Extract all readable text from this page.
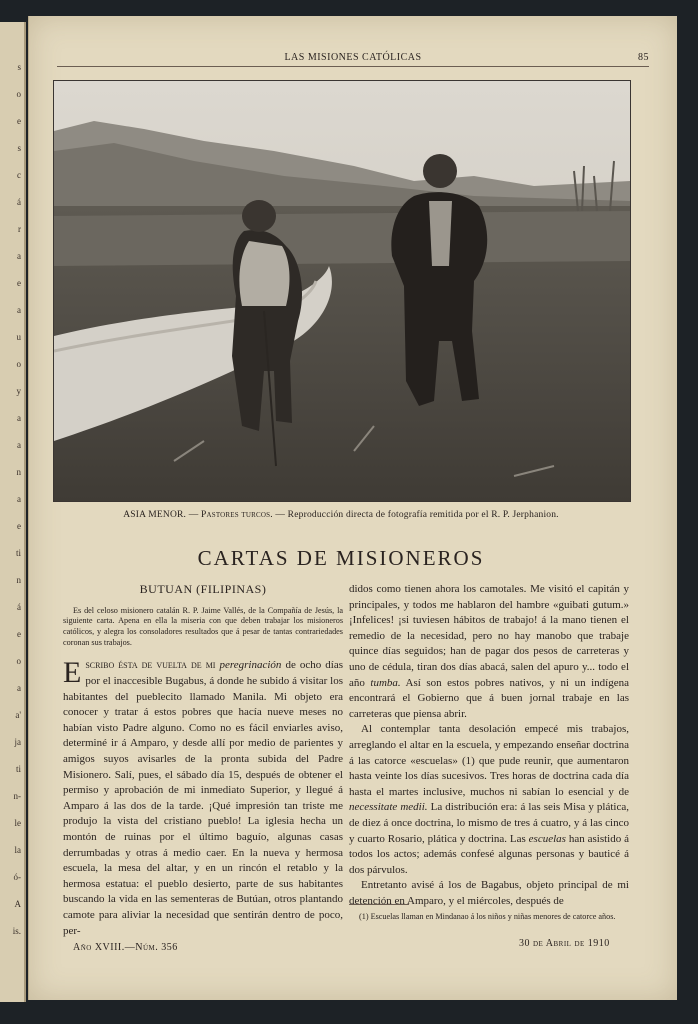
s
o
e
s
c
á
r
a
e
a
u
o
y
a
a
n
a
e
ti
n
á
e
o
a
a'
ja
ti
n-
le
la
ó-
A
is.
LAS MISIONES CATÓLICAS	85
ASIA MENOR. — Pastores turcos. — Reproducción directa de fotografía remitida por el R. P. Jerphanion.
CARTAS DE MISIONEROS
BUTUAN (FILIPINAS)

Es del celoso misionero catalán R. P. Jaime Vallés, de la Compañía de Jesús, la siguiente carta. Apena en ella la miseria con que deben trabajar los misioneros católicos, y alegra los consoladores resultados que á pesar de tantas contrariedades coronan sus trabajos.

Escribo ésta de vuelta de mi peregrinación de ocho días por el inaccesible Bugabus, á donde he subido á visitar los habitantes del pueblecito llamado Manila. Mi objeto era conocer y tratar á estos pobres que hacía nueve meses no habían visto Padre alguno. Como no es fácil enviarles aviso, determiné ir á Amparo, y desde allí por medio de parientes y amigos suyos avisarles de la pronta subida del Padre Misionero. Salí, pues, el sábado día 15, después de obtener el permiso y aprobación de mi inmediato Superior, y llegué á Amparo á las dos de la tarde. ¡Qué impresión tan triste me produjo la vista del cristiano pueblo! La iglesia hecha un montón de ruinas por el último baguío, algunas casas derrumbadas y otras á medio caer. En la nueva y hermosa escuela, la mesa del altar, y en un rincón el retablo y la hermosa estatua: el pueblo desierto, parte de sus habitantes buscando la vida en las sementeras de Butúan, otros plantando camote para aliviar la necesidad que sentirán dentro de poco, per-

didos como tienen ahora los camotales. Me visitó el capitán y principales, y todos me hablaron del hambre «guibati gutum.» ¡Infelices! ¡si tuviesen hábitos de trabajo! á la mano tienen el remedio de la necesidad, pero no hay manobo que trabaje quince días seguidos; han de pagar dos pesos de carreteras y uno de cédula, tiran dos días abacá, salen del apuro y... todo el año tumba. Así son estos pobres nativos, y ni un indígena encontrará el Gobierno que á buen jornal trabaje en las carreteras que piensa abrir.

Al contemplar tanta desolación empecé mis trabajos, arreglando el altar en la escuela, y empezando enseñar doctrina á las catorce «escuelas» (1) que pude reunir, que aumentaron hasta veinte los días sucesivos. Tres horas de doctrina cada día hasta el martes inclusive, muchos ni sabían lo esencial y de necessitate medii. La distribución era: á las seis Misa y plática, de diez á once doctrina, lo mismo de tres á cuatro, y á las cinco y cuarto Rosario, plática y doctrina. Las escuelas han asistido á todos los actos; además confesé algunas personas y bauticé á dos párvulos.

Entretanto avisé á los de Bagabus, objeto principal de mi detención en Amparo, y el miércoles, después de

(1) Escuelas llaman en Mindanao á los niños y niñas menores de catorce años.
Año XVIII.—Núm. 356	30 de Abril de 1910
